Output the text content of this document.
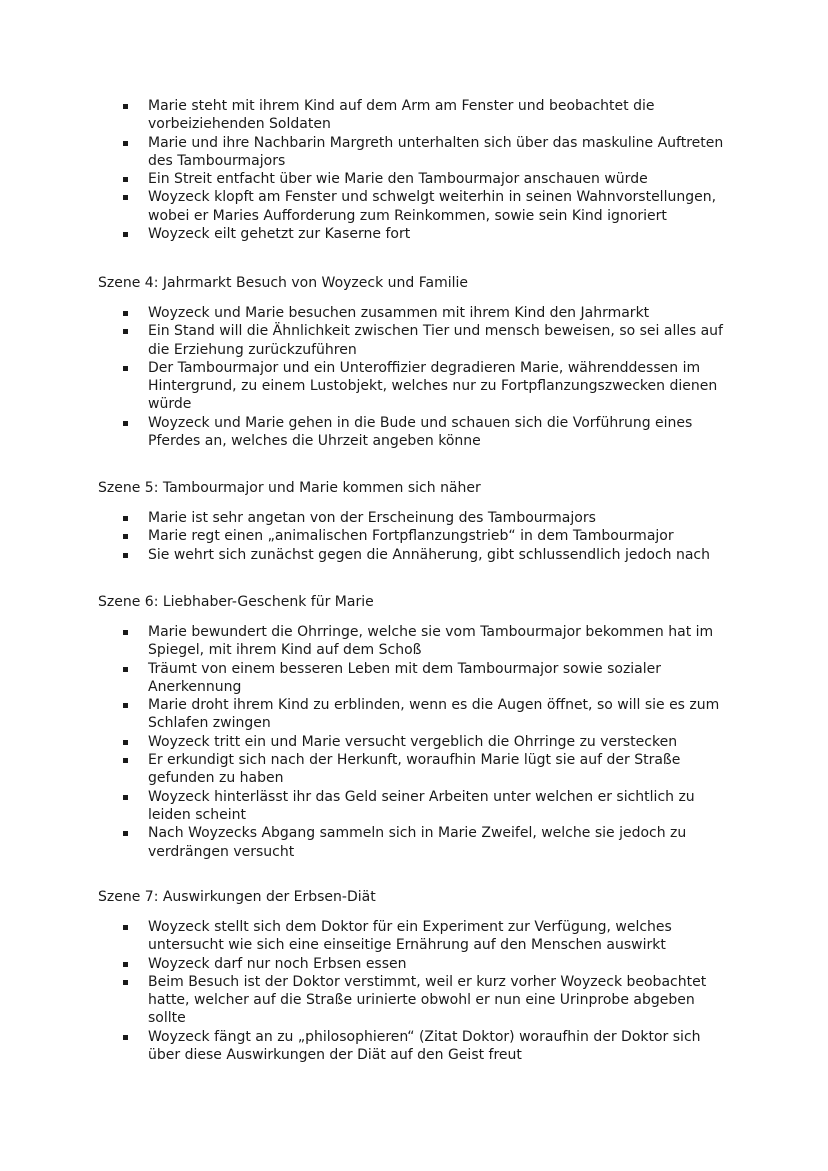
Marie steht mit ihrem Kind auf dem Arm am Fenster und beobachtet die vorbeiziehenden Soldaten
Marie und ihre Nachbarin Margreth unterhalten sich über das maskuline Auftreten des Tambourmajors
Ein Streit entfacht über wie Marie den Tambourmajor anschauen würde
Woyzeck klopft am Fenster und schwelgt weiterhin in seinen Wahnvorstellungen, wobei er Maries Aufforderung zum Reinkommen, sowie sein Kind ignoriert
Woyzeck eilt gehetzt zur Kaserne fort
Szene 4: Jahrmarkt Besuch von Woyzeck und Familie
Woyzeck und Marie besuchen zusammen mit ihrem Kind den Jahrmarkt
Ein Stand will die Ähnlichkeit zwischen Tier und mensch beweisen, so sei alles auf die Erziehung zurückzuführen
Der Tambourmajor und ein Unteroffizier degradieren Marie, währenddessen im Hintergrund, zu einem Lustobjekt, welches nur zu Fortpflanzungszwecken dienen würde
Woyzeck und Marie gehen in die Bude und schauen sich die Vorführung eines Pferdes an, welches die Uhrzeit angeben könne
Szene 5: Tambourmajor und Marie kommen sich näher
Marie ist sehr angetan von der Erscheinung des Tambourmajors
Marie regt einen „animalischen Fortpflanzungstrieb“ in dem Tambourmajor
Sie wehrt sich zunächst gegen die Annäherung, gibt schlussendlich jedoch nach
Szene 6: Liebhaber-Geschenk für Marie
Marie bewundert die Ohrringe, welche sie vom Tambourmajor bekommen hat im Spiegel, mit ihrem Kind auf dem Schoß
Träumt von einem besseren Leben mit dem Tambourmajor sowie sozialer Anerkennung
Marie droht ihrem Kind zu erblinden, wenn es die Augen öffnet, so will sie es zum Schlafen zwingen
Woyzeck tritt ein und Marie versucht vergeblich die Ohrringe zu verstecken
Er erkundigt sich nach der Herkunft, woraufhin Marie lügt sie auf der Straße gefunden zu haben
Woyzeck hinterlässt ihr das Geld seiner Arbeiten unter welchen er sichtlich zu leiden scheint
Nach Woyzecks Abgang sammeln sich in Marie Zweifel, welche sie jedoch zu verdrängen versucht
Szene 7: Auswirkungen der Erbsen-Diät
Woyzeck stellt sich dem Doktor für ein Experiment zur Verfügung, welches untersucht wie sich eine einseitige Ernährung auf den Menschen auswirkt
Woyzeck darf nur noch Erbsen essen
Beim Besuch ist der Doktor verstimmt, weil er kurz vorher Woyzeck beobachtet hatte, welcher auf die Straße urinierte obwohl er nun eine Urinprobe abgeben sollte
Woyzeck fängt an zu „philosophieren“ (Zitat Doktor) woraufhin der Doktor sich über diese Auswirkungen der Diät auf den Geist freut
